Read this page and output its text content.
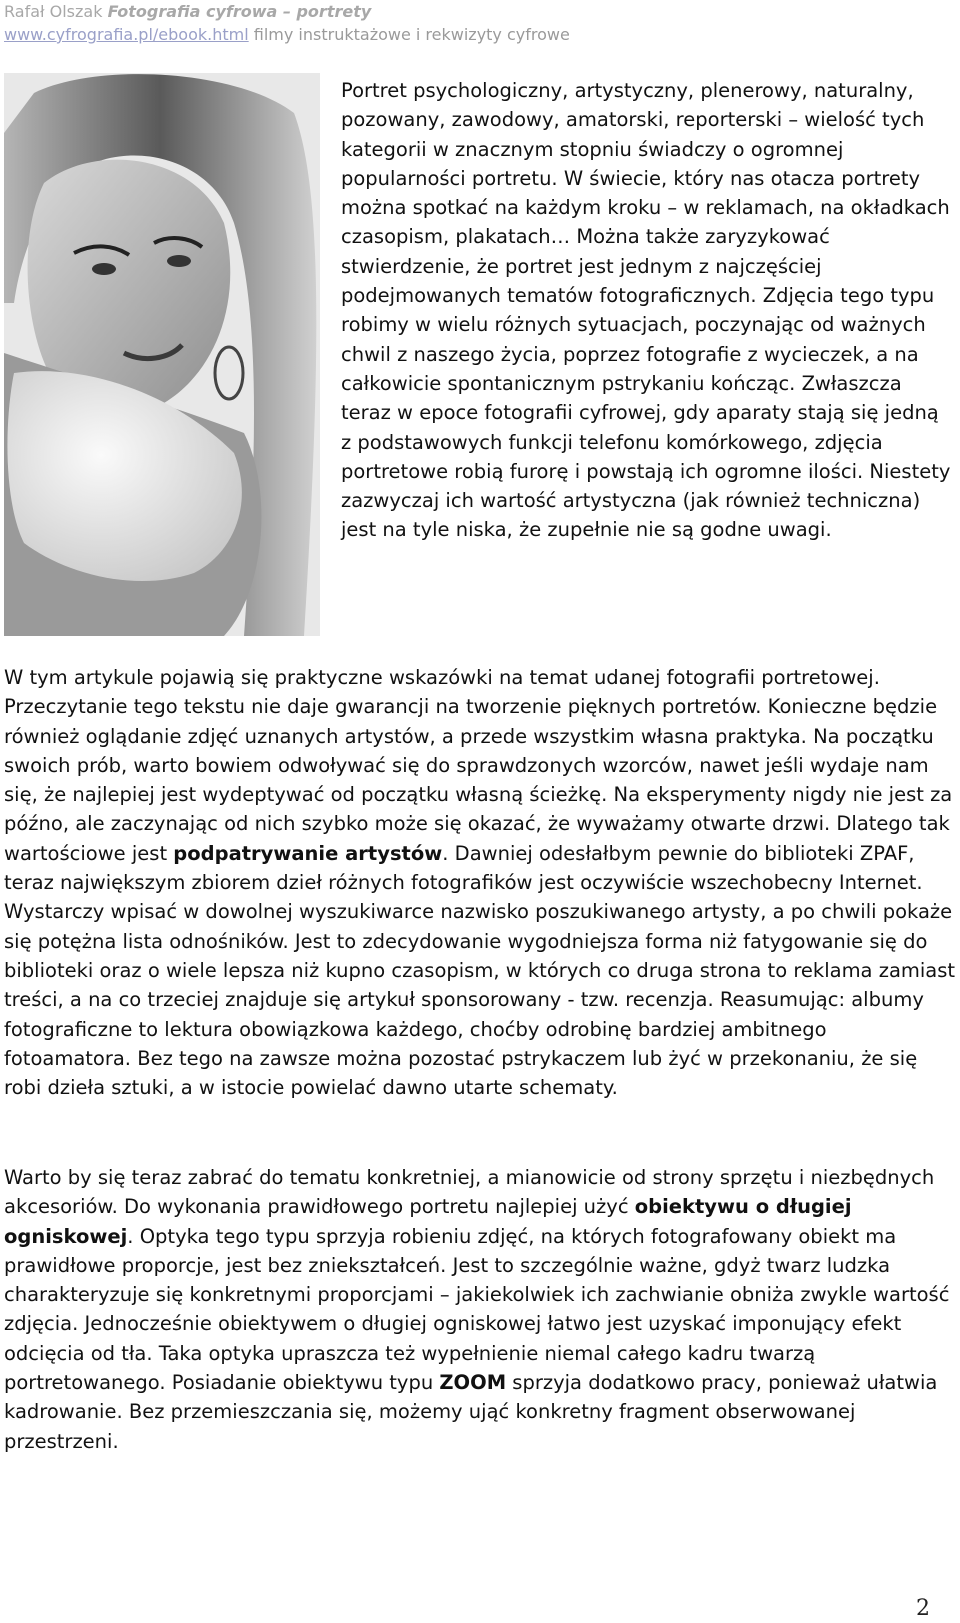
Rafał Olszak Fotografia cyfrowa – portrety
www.cyfrografia.pl/ebook.html filmy instruktażowe i rekwizyty cyfrowe

Portret psychologiczny, artystyczny, plenerowy, naturalny, pozowany, zawodowy, amatorski, reporterski – wielość tych kategorii w znacznym stopniu świadczy o ogromnej popularności portretu. W świecie, który nas otacza portrety można spotkać na każdym kroku – w reklamach, na okładkach czasopism, plakatach… Można także zaryzykować stwierdzenie, że portret jest jednym z najczęściej podejmowanych tematów fotograficznych. Zdjęcia tego typu robimy w wielu różnych sytuacjach, poczynając od ważnych chwil z naszego życia, poprzez fotografie z wycieczek, a na całkowicie spontanicznym pstrykaniu kończąc. Zwłaszcza teraz w epoce fotografii cyfrowej, gdy aparaty stają się jedną z podstawowych funkcji telefonu komórkowego, zdjęcia portretowe robią furorę i powstają ich ogromne ilości. Niestety zazwyczaj ich wartość artystyczna (jak również techniczna) jest na tyle niska, że zupełnie nie są godne uwagi.

W tym artykule pojawią się praktyczne wskazówki na temat udanej fotografii portretowej. Przeczytanie tego tekstu nie daje gwarancji na tworzenie pięknych portretów. Konieczne będzie również oglądanie zdjęć uznanych artystów, a przede wszystkim własna praktyka. Na początku swoich prób, warto bowiem odwoływać się do sprawdzonych wzorców, nawet jeśli wydaje nam się, że najlepiej jest wydeptywać od początku własną ścieżkę. Na eksperymenty nigdy nie jest za późno, ale zaczynając od nich szybko może się okazać, że wyważamy otwarte drzwi. Dlatego tak wartościowe jest podpatrywanie artystów. Dawniej odesłałbym pewnie do biblioteki ZPAF, teraz największym zbiorem dzieł różnych fotografików jest oczywiście wszechobecny Internet. Wystarczy wpisać w dowolnej wyszukiwarce nazwisko poszukiwanego artysty, a po chwili pokaże się potężna lista odnośników. Jest to zdecydowanie wygodniejsza forma niż fatygowanie się do biblioteki oraz o wiele lepsza niż kupno czasopism, w których co druga strona to reklama zamiast treści, a na co trzeciej znajduje się artykuł sponsorowany - tzw. recenzja. Reasumując: albumy fotograficzne to lektura obowiązkowa każdego, choćby odrobinę bardziej ambitnego fotoamatora. Bez tego na zawsze można pozostać pstrykaczem lub żyć w przekonaniu, że się robi dzieła sztuki, a w istocie powielać dawno utarte schematy.

Warto by się teraz zabrać do tematu konkretniej, a mianowicie od strony sprzętu i niezbędnych akcesoriów. Do wykonania prawidłowego portretu najlepiej użyć obiektywu o długiej ogniskowej. Optyka tego typu sprzyja robieniu zdjęć, na których fotografowany obiekt ma prawidłowe proporcje, jest bez zniekształceń. Jest to szczególnie ważne, gdyż twarz ludzka charakteryzuje się konkretnymi proporcjami – jakiekolwiek ich zachwianie obniża zwykle wartość zdjęcia. Jednocześnie obiektywem o długiej ogniskowej łatwo jest uzyskać imponujący efekt odcięcia od tła. Taka optyka upraszcza też wypełnienie niemal całego kadru twarzą portretowanego. Posiadanie obiektywu typu ZOOM sprzyja dodatkowo pracy, ponieważ ułatwia kadrowanie. Bez przemieszczania się, możemy ująć konkretny fragment obserwowanej przestrzeni.

2
